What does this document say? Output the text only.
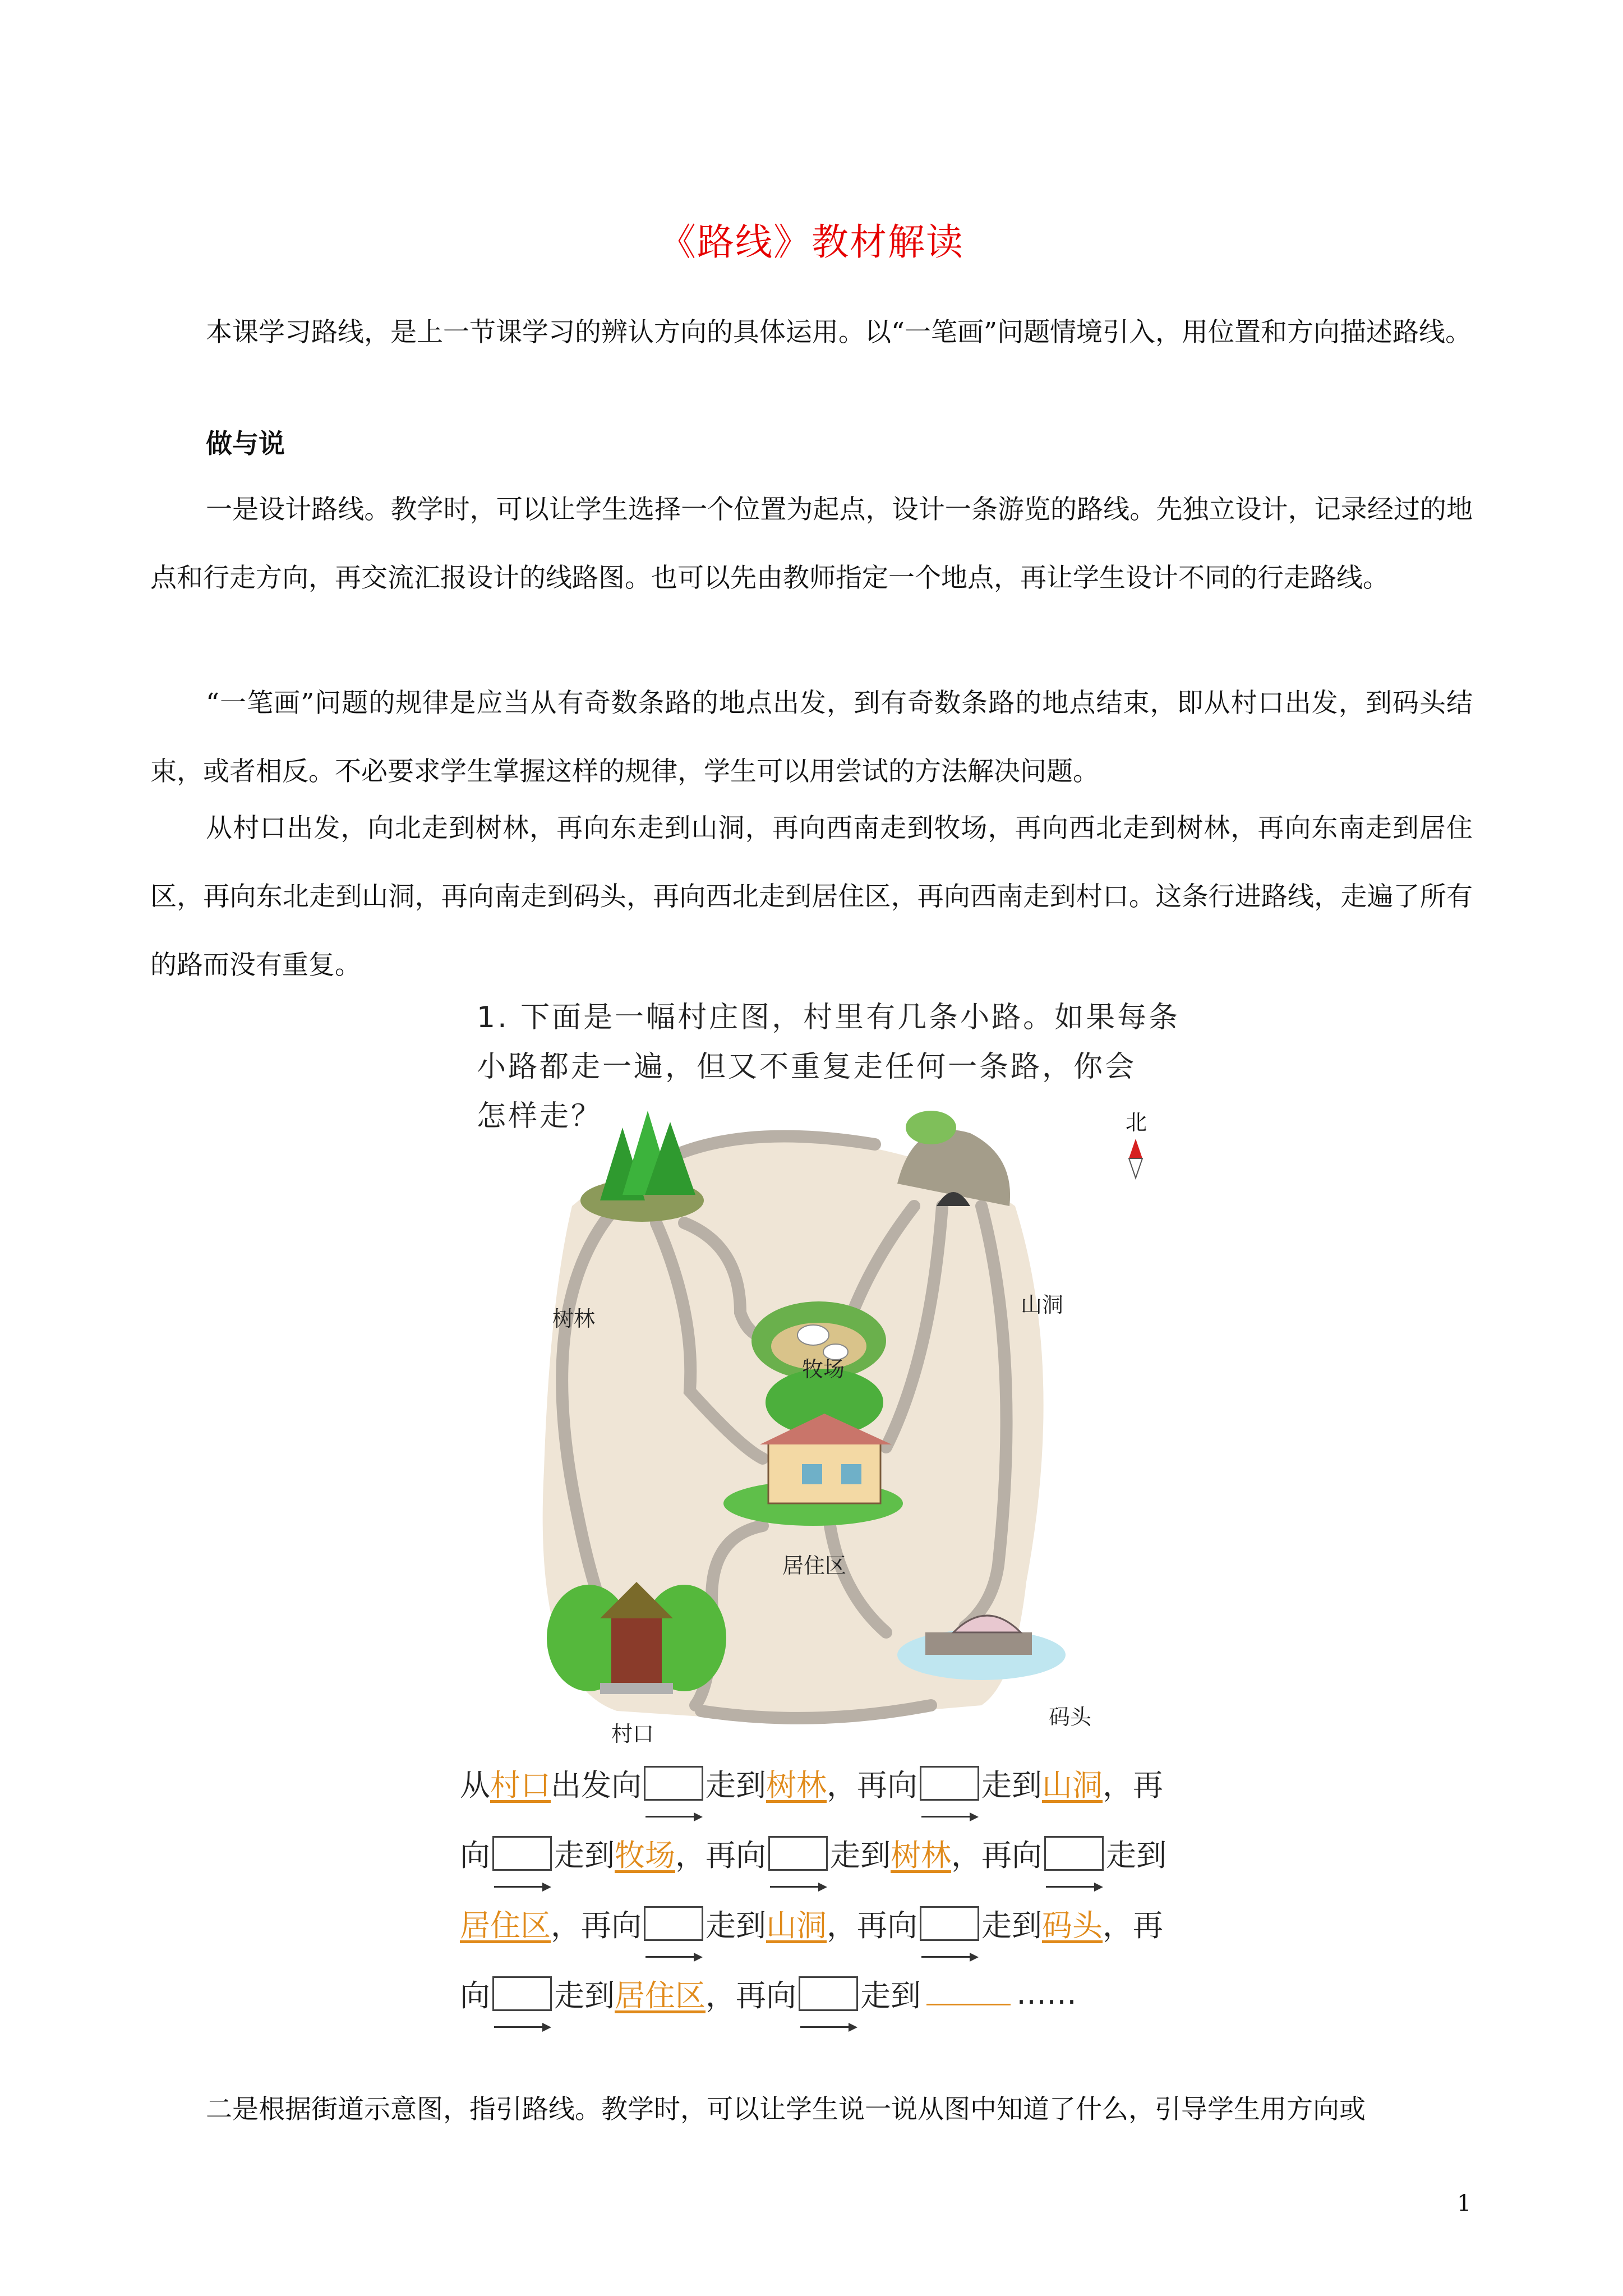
《路线》教材解读

本课学习路线，是上一节课学习的辨认方向的具体运用。以“一笔画”问题情境引入，用位置和方向描述路线。

做与说

一是设计路线。教学时，可以让学生选择一个位置为起点，设计一条游览的路线。先独立设计，记录经过的地点和行走方向，再交流汇报设计的线路图。也可以先由教师指定一个地点，再让学生设计不同的行走路线。

“一笔画”问题的规律是应当从有奇数条路的地点出发，到有奇数条路的地点结束，即从村口出发，到码头结束，或者相反。不必要求学生掌握这样的规律，学生可以用尝试的方法解决问题。

从村口出发，向北走到树林，再向东走到山洞，再向西南走到牧场，再向西北走到树林，再向东南走到居住区，再向东北走到山洞，再向南走到码头，再向西北走到居住区，再向西南走到村口。这条行进路线，走遍了所有的路而没有重复。

1. 下面是一幅村庄图，村里有几条小路。如果每条
小路都走一遍，但又不重复走任何一条路，你会
怎样走？
树林
山洞
北
牧场
居住区
村口
码头
从 村口 出发向 走到 树林 ，再向 走到 山洞 ，再
向 走到 牧场 ，再向 走到 树林 ，再向 走到
居住区 ，再向 走到 山洞 ，再向 走到 码头 ，再
向 走到 居住区 ，再向 走到	……

二是根据街道示意图，指引路线。教学时，可以让学生说一说从图中知道了什么，引导学生用方向或

1
